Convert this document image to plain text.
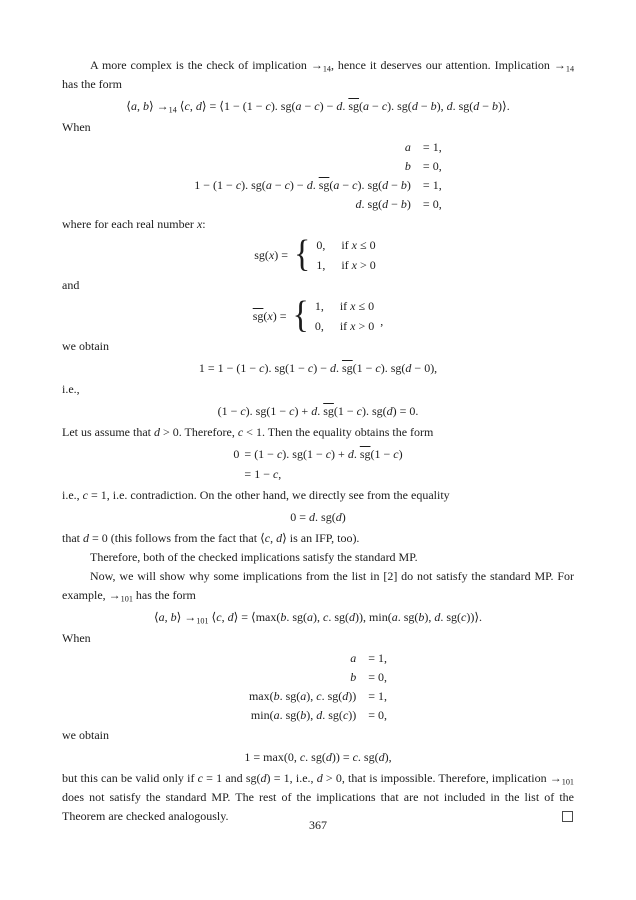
A more complex is the check of implication $\to_{14}$, hence it deserves our attention. Implication $\to_{14}$ has the form

⟨a, b⟩ $\to_{14}$ ⟨c, d⟩ = ⟨1 − (1 − c). sg(a − c) − d. $\overline{sg}(a - c)$. sg(d − b), d. sg(d − b)⟩.

When

a	= 1,
b	= 0,
1 − (1 − c). sg(a − c) − d. $\overline{sg}(a - c)$. sg(d − b)	= 1,
d. sg(d − b)	= 0,

where for each real number x:

sg(x) = { 0, if x ≤ 0
1, if x > 0

and

$\overline{sg}(x)$ = { 1, if x ≤ 0
0, if x > 0 ,

we obtain

1 = 1 − (1 − c). sg(1 − c) − d. $\overline{sg}(1 - c)$. sg(d − 0),

i.e.,

(1 − c). sg(1 − c) + d. $\overline{sg}(1 - c)$. sg(d) = 0.

Let us assume that d > 0. Therefore, c < 1. Then the equality obtains the form

0	= (1 − c). sg(1 − c) + d. $\overline{sg}(1 - c)$
	= 1 − c,

i.e., c = 1, i.e. contradiction. On the other hand, we directly see from the equality

0 = d. sg(d)

that d = 0 (this follows from the fact that ⟨c, d⟩ is an IFP, too).

Therefore, both of the checked implications satisfy the standard MP.

Now, we will show why some implications from the list in [2] do not satisfy the standard MP. For example, $\to_{101}$ has the form

⟨a, b⟩ $\to_{101}$ ⟨c, d⟩ = ⟨max(b. sg(a), c. sg(d)), min(a. sg(b), d. sg(c))⟩.

When

a	= 1,
b	= 0,
max(b. sg(a), c. sg(d))	= 1,
min(a. sg(b), d. sg(c))	= 0,

we obtain

1 = max(0, c. sg(d)) = c. sg(d),

but this can be valid only if c = 1 and sg(d) = 1, i.e., d > 0, that is impossible. Therefore, implication $\to_{101}$ does not satisfy the standard MP. The rest of the implications that are not included in the list of the Theorem are checked analogously.

367
